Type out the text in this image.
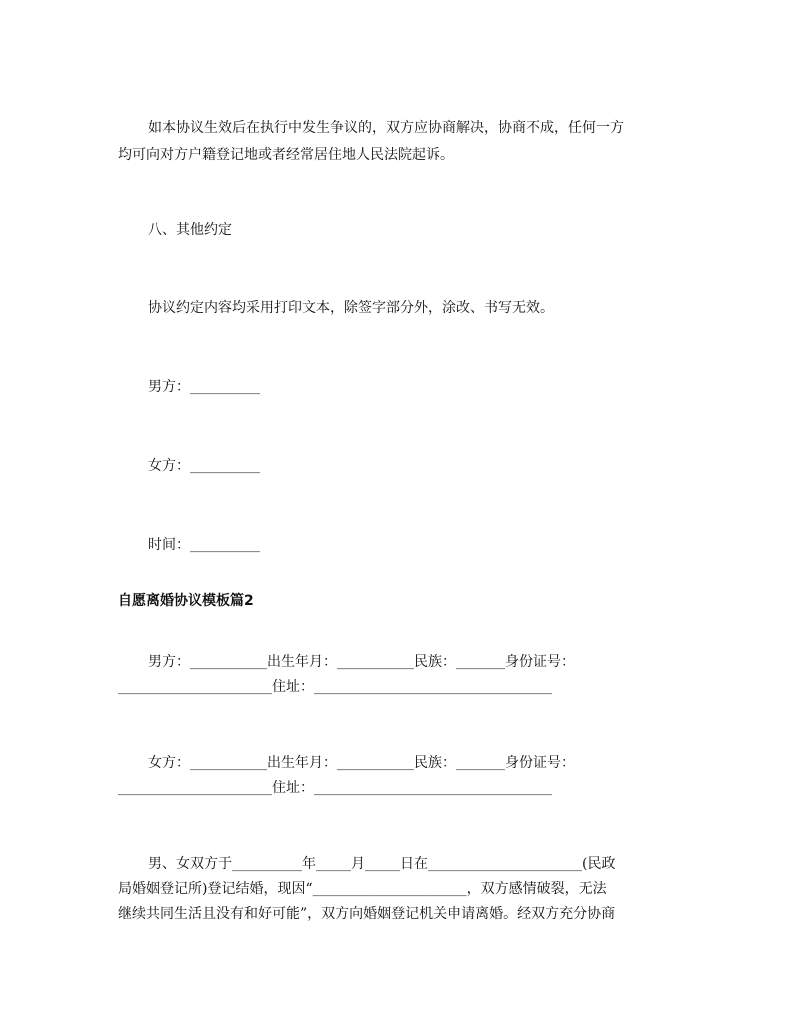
如本协议生效后在执行中发生争议的，双方应协商解决，协商不成，任何一方
均可向对方户籍登记地或者经常居住地人民法院起诉。
八、其他约定
协议约定内容均采用打印文本，除签字部分外，涂改、书写无效。
男方：__________
女方：__________
时间：__________
自愿离婚协议模板篇2
男方：___________出生年月：___________民族：_______身份证号：
______________________住址：__________________________________
女方：___________出生年月：___________民族：_______身份证号：
______________________住址：__________________________________
男、女双方于__________年_____月_____日在______________________(民政
局婚姻登记所)登记结婚，现因“______________________，双方感情破裂，无法
继续共同生活且没有和好可能”，双方向婚姻登记机关申请离婚。经双方充分协商
